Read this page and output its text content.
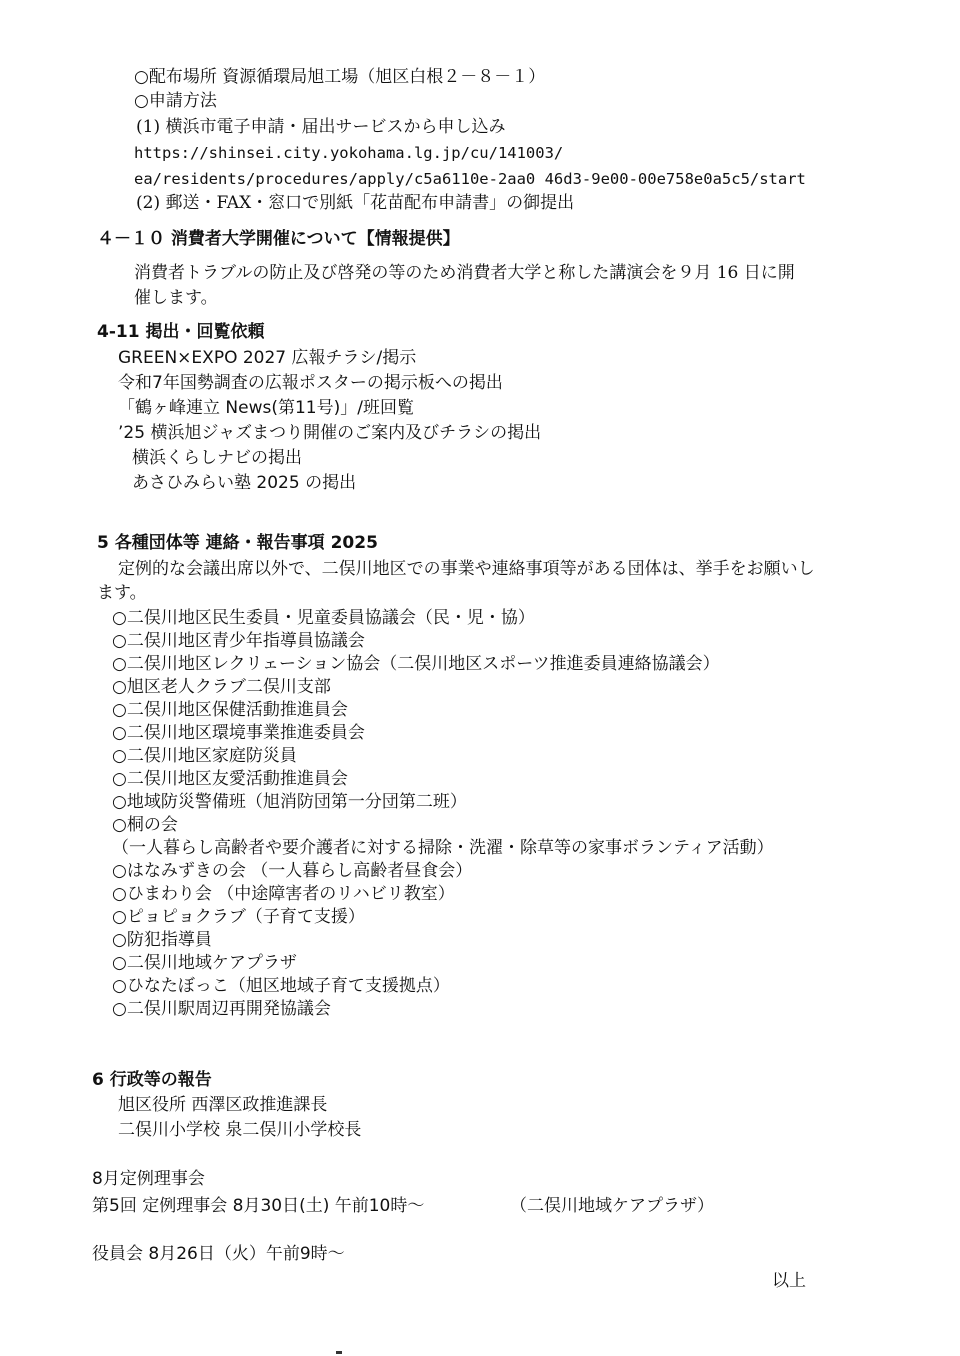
○配布場所 資源循環局旭工場（旭区白根２－８－１）
○申請方法
(1) 横浜市電子申請・届出サービスから申し込み
https://shinsei.city.yokohama.lg.jp/cu/141003/
ea/residents/procedures/apply/c5a6110e-2aa0 46d3-9e00-00e758e0a5c5/start
(2) 郵送・FAX・窓口で別紙「花苗配布申請書」の御提出
４－１０ 消費者大学開催について【情報提供】
消費者トラブルの防止及び啓発の等のため消費者大学と称した講演会を９月 16 日に開
催します。
4-11 掲出・回覧依頼
GREEN×EXPO 2027 広報チラシ/掲示
令和7年国勢調査の広報ポスターの掲示板への掲出
「鶴ヶ峰連立 News(第11号)」/班回覧
’25 横浜旭ジャズまつり開催のご案内及びチラシの掲出
横浜くらしナビの掲出
あさひみらい塾 2025 の掲出
5 各種団体等 連絡・報告事項 2025
定例的な会議出席以外で、二俣川地区での事業や連絡事項等がある団体は、挙手をお願いし
ます。
○二俣川地区民生委員・児童委員協議会（民・児・協）
○二俣川地区青少年指導員協議会
○二俣川地区レクリェーション協会（二俣川地区スポーツ推進委員連絡協議会）
○旭区老人クラブ二俣川支部
○二俣川地区保健活動推進員会
○二俣川地区環境事業推進委員会
○二俣川地区家庭防災員
○二俣川地区友愛活動推進員会
○地域防災警備班（旭消防団第一分団第二班）
○桐の会
（一人暮らし高齢者や要介護者に対する掃除・洗濯・除草等の家事ボランティア活動）
○はなみずきの会 （一人暮らし高齢者昼食会）
○ひまわり会 （中途障害者のリハビリ教室）
○ピョピョクラブ（子育て支援）
○防犯指導員
○二俣川地域ケアプラザ
○ひなたぼっこ（旭区地域子育て支援拠点）
○二俣川駅周辺再開発協議会
6 行政等の報告
旭区役所 西澤区政推進課長
二俣川小学校 泉二俣川小学校長
8月定例理事会
第5回 定例理事会 8月30日(土) 午前10時～	（二俣川地域ケアプラザ）
役員会 8月26日（火）午前9時～
以上
